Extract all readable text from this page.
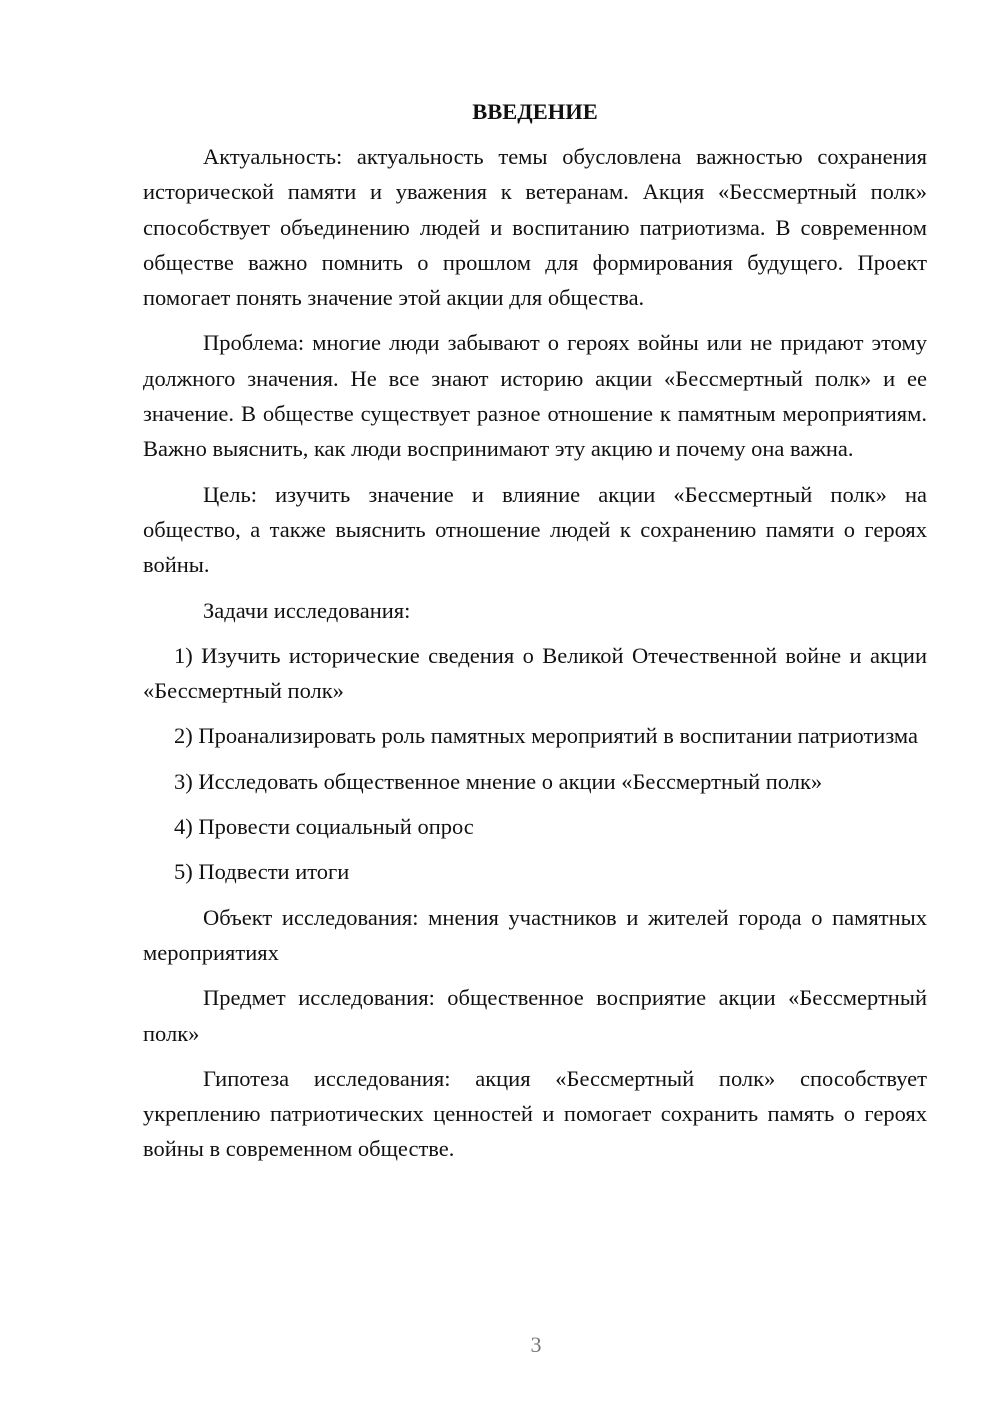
ВВЕДЕНИЕ

Актуальность: актуальность темы обусловлена важностью сохранения исторической памяти и уважения к ветеранам. Акция «Бессмертный полк» способствует объединению людей и воспитанию патриотизма. В современном обществе важно помнить о прошлом для формирования будущего. Проект помогает понять значение этой акции для общества.

Проблема: многие люди забывают о героях войны или не придают этому должного значения. Не все знают историю акции «Бессмертный полк» и ее значение. В обществе существует разное отношение к памятным мероприятиям. Важно выяснить, как люди воспринимают эту акцию и почему она важна.

Цель: изучить значение и влияние акции «Бессмертный полк» на общество, а также выяснить отношение людей к сохранению памяти о героях войны.

Задачи исследования:

1) Изучить исторические сведения о Великой Отечественной войне и акции «Бессмертный полк»

2) Проанализировать роль памятных мероприятий в воспитании патриотизма

3) Исследовать общественное мнение о акции «Бессмертный полк»

4) Провести социальный опрос

5) Подвести итоги

Объект исследования: мнения участников и жителей города о памятных мероприятиях

Предмет исследования: общественное восприятие акции «Бессмертный полк»

Гипотеза исследования: акция «Бессмертный полк» способствует укреплению патриотических ценностей и помогает сохранить память о героях войны в современном обществе.

3
